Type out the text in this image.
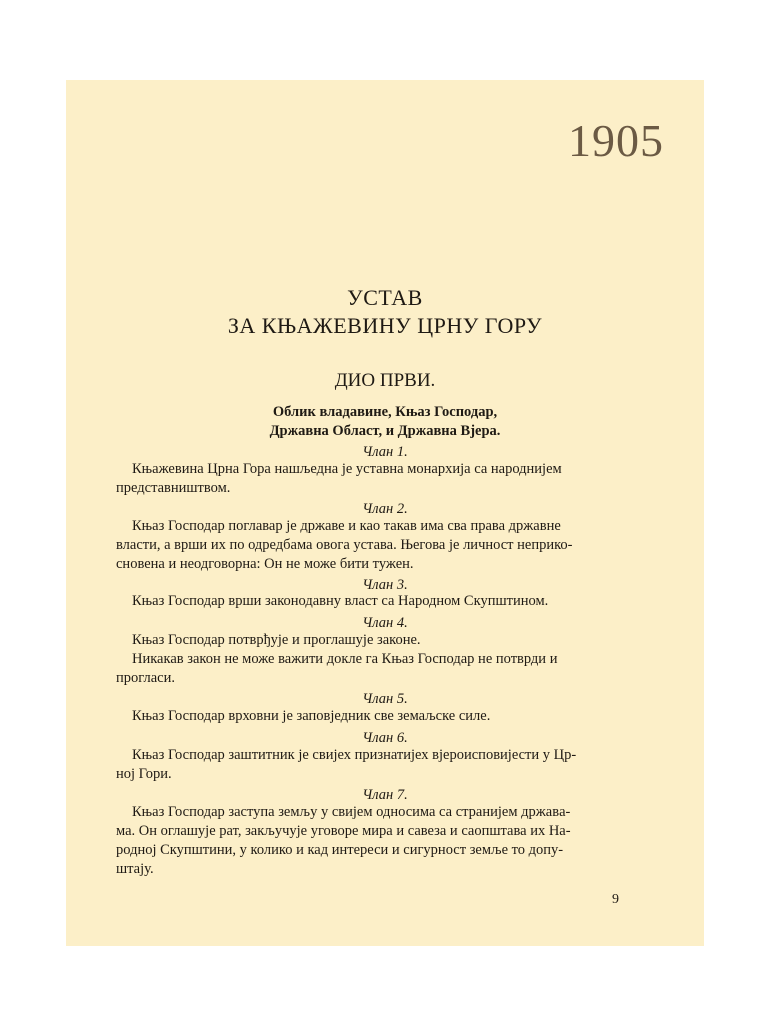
1905
УСТАВ
ЗА КЊАЖЕВИНУ ЦРНУ ГОРУ
ДИО ПРВИ.
Облик владавине, Књаз Господар,
Државна Област, и Државна Вјера.
Члан 1.
Књажевина Црна Гора нашљедна је уставна монархија са народнијем
представништвом.
Члан 2.
Књаз Господар поглавар је државе и као такав има сва права државне
власти, а врши их по одредбама овога устава. Његова је личност неприко-
сновена и неодговорна: Он не може бити тужен.
Члан 3.
Књаз Господар врши законодавну власт са Народном Скупштином.
Члан 4.
Књаз Господар потврђује и проглашује законе.
Никакав закон не може важити докле га Књаз Господар не потврди и
прогласи.
Члан 5.
Књаз Господар врховни је заповједник све земаљске силе.
Члан 6.
Књаз Господар заштитник је свијех признатијех вјероисповијести у Цр-
ној Гори.
Члан 7.
Књаз Господар заступа земљу у свијем односима са странијем државa-
ма. Он оглашује рат, закључује уговоре мира и савеза и саопштава их На-
родној Скупштини, у колико и кад интереси и сигурност земље то допу-
штају.
9
